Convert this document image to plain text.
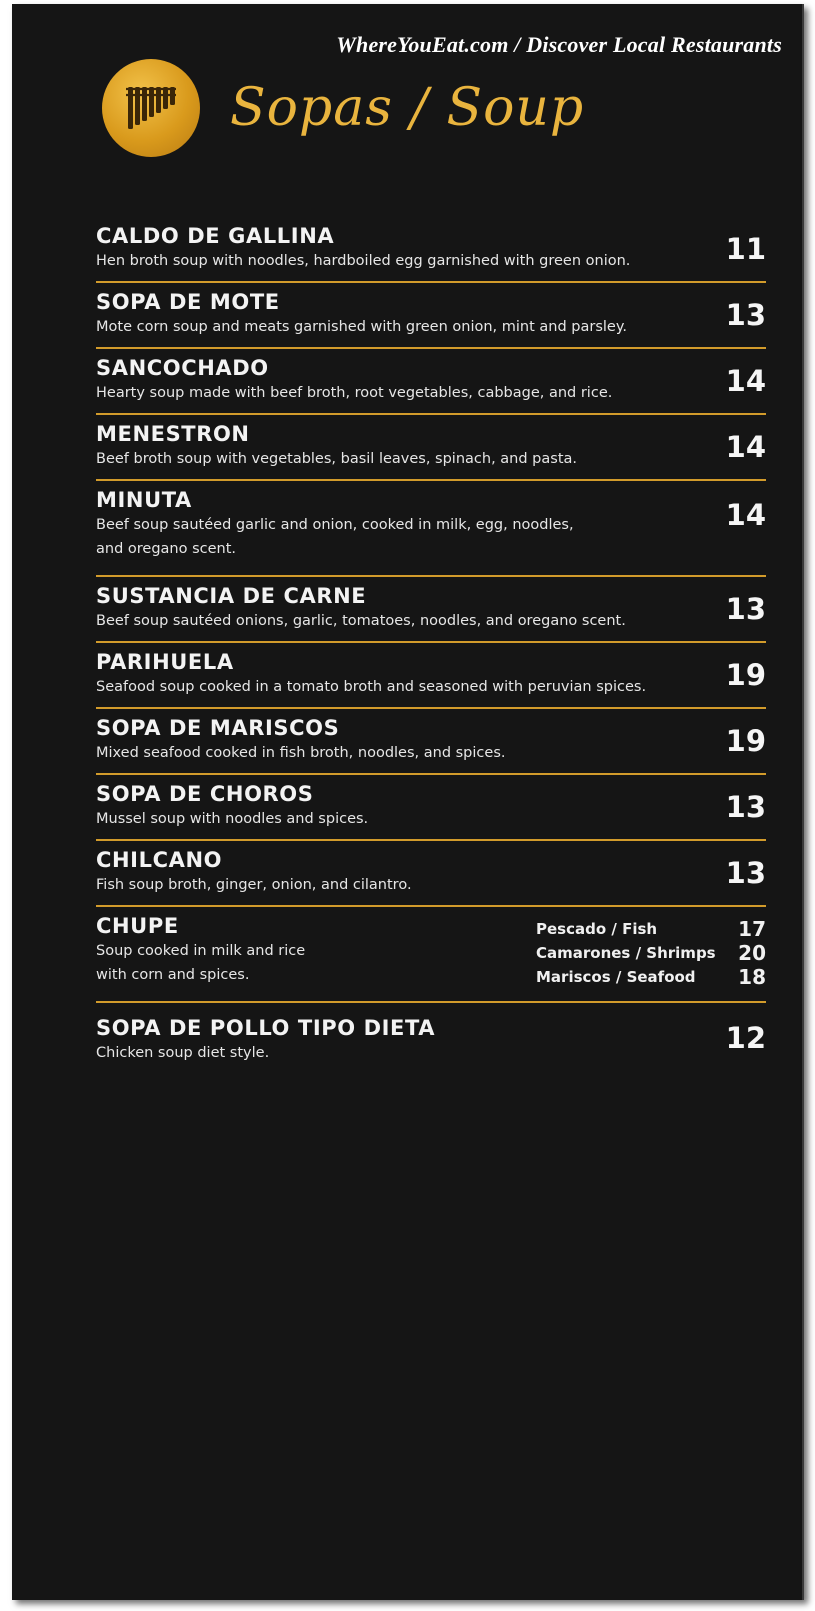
WhereYouEat.com / Discover Local Restaurants
Sopas / Soup
CALDO DE GALLINA
Hen broth soup with noodles, hardboiled egg garnished with green onion.	11
SOPA DE MOTE
Mote corn soup and meats garnished with green onion, mint and parsley.	13
SANCOCHADO
Hearty soup made with beef broth, root vegetables, cabbage, and rice.	14
MENESTRON
Beef broth soup with vegetables, basil leaves, spinach, and pasta.	14
MINUTA
Beef soup sautéed garlic and onion, cooked in milk, egg, noodles, and oregano scent.
14
SUSTANCIA DE CARNE
Beef soup sautéed onions, garlic, tomatoes, noodles, and oregano scent.	13
PARIHUELA
Seafood soup cooked in a tomato broth and seasoned with peruvian spices.	19
SOPA DE MARISCOS
Mixed seafood cooked in fish broth, noodles, and spices.	19
SOPA DE CHOROS
Mussel soup with noodles and spices.	13
CHILCANO
Fish soup broth, ginger, onion, and cilantro.	13
CHUPE
Soup cooked in milk and rice with corn and spices.
Pescado / Fish	17
Camarones / Shrimps 20
Mariscos / Seafood 18
SOPA DE POLLO TIPO DIETA
Chicken soup diet style.	12
